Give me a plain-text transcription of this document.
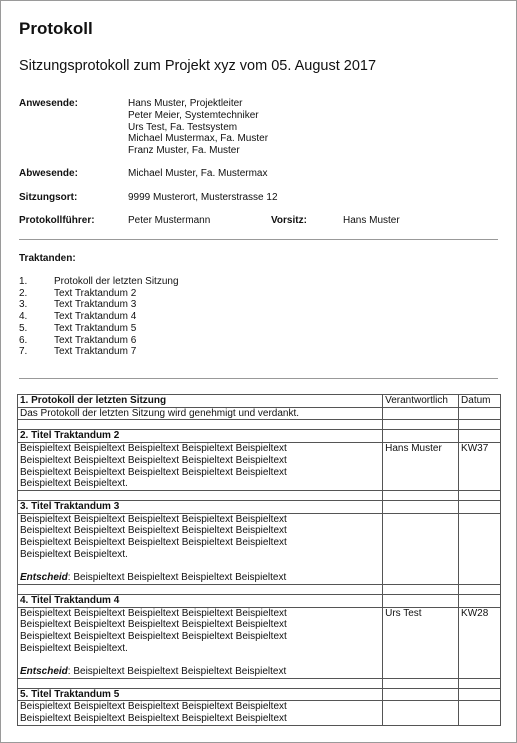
Protokoll
Sitzungsprotokoll zum Projekt xyz vom 05. August 2017
Anwesende:	Hans Muster, Projektleiter
Peter Meier, Systemtechniker
Urs Test, Fa. Testsystem
Michael Mustermax, Fa. Muster
Franz Muster, Fa. Muster
Abwesende:	Michael Muster, Fa. Mustermax
Sitzungsort:	9999 Musterort, Musterstrasse 12
Protokollführer:	Peter Mustermann	Vorsitz:	Hans Muster
Traktanden:
1.	Protokoll der letzten Sitzung
2.	Text Traktandum 2
3.	Text Traktandum 3
4.	Text Traktandum 4
5.	Text Traktandum 5
6.	Text Traktandum 6
7.	Text Traktandum 7
1. Protokoll der letzten Sitzung	Verantwortlich	Datum
Das Protokoll der letzten Sitzung wird genehmigt und verdankt.		

2. Titel Traktandum 2		

Beispieltext Beispieltext Beispieltext Beispieltext Beispieltext
Beispieltext Beispieltext Beispieltext Beispieltext Beispieltext
Beispieltext Beispieltext Beispieltext Beispieltext Beispieltext
Beispieltext Beispieltext.	Hans Muster	KW37

3. Titel Traktandum 3		

Beispieltext Beispieltext Beispieltext Beispieltext Beispieltext
Beispieltext Beispieltext Beispieltext Beispieltext Beispieltext
Beispieltext Beispieltext Beispieltext Beispieltext Beispieltext
Beispieltext Beispieltext.
Entscheid: Beispieltext Beispieltext Beispieltext Beispieltext		

4. Titel Traktandum 4		

Beispieltext Beispieltext Beispieltext Beispieltext Beispieltext
Beispieltext Beispieltext Beispieltext Beispieltext Beispieltext
Beispieltext Beispieltext Beispieltext Beispieltext Beispieltext
Beispieltext Beispieltext.
Entscheid: Beispieltext Beispieltext Beispieltext Beispieltext	Urs Test	KW28

5. Titel Traktandum 5		

Beispieltext Beispieltext Beispieltext Beispieltext Beispieltext
Beispieltext Beispieltext Beispieltext Beispieltext Beispieltext		
